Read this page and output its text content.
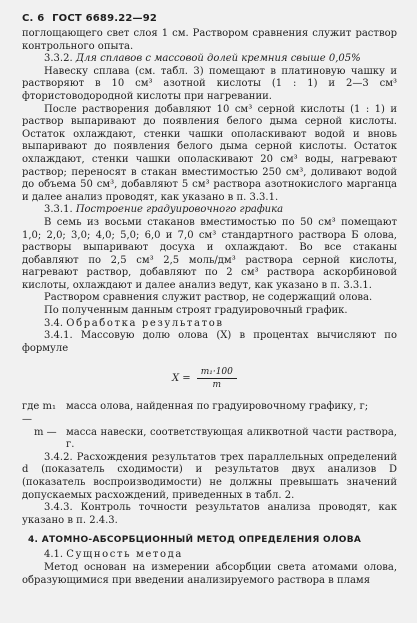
С. 6 ГОСТ 6689.22—92

поглощающего свет слоя 1 см. Раствором сравнения служит раствор контрольного опыта.

3.3.2. Для сплавов с массовой долей кремния свыше 0,05%

Навеску сплава (см. табл. 3) помещают в платиновую чашку и растворяют в 10 см³ азотной кислоты (1 : 1) и 2—3 см³ фтористоводородной кислоты при нагревании.

После растворения добавляют 10 см³ серной кислоты (1 : 1) и раствор выпаривают до появления белого дыма серной кислоты. Остаток охлаждают, стенки чашки ополаскивают водой и вновь выпаривают до появления белого дыма серной кислоты. Остаток охлаждают, стенки чашки ополаскивают 20 см³ воды, нагревают раствор; переносят в стакан вместимостью 250 см³, доливают водой до объема 50 см³, добавляют 5 см³ раствора азотнокислого марганца и далее анализ проводят, как указано в п. 3.3.1.

3.3.1. Построение градуировочного графика

В семь из восьми стаканов вместимостью по 50 см³ помещают 1,0; 2,0; 3,0; 4,0; 5,0; 6,0 и 7,0 см³ стандартного раствора Б олова, растворы выпаривают досуха и охлаждают. Во все стаканы добавляют по 2,5 см³ 2,5 моль/дм³ раствора серной кислоты, нагревают раствор, добавляют по 2 см³ раствора аскорбиновой кислоты, охлаждают и далее анализ ведут, как указано в п. 3.3.1.

Раствором сравнения служит раствор, не содержащий олова.

По полученным данным строят градуировочный график.

3.4. Обработка результатов

3.4.1. Массовую долю олова (X) в процентах вычисляют по формуле

$X = \frac{\text{m₁·100}}{m}$
где m₁ —
масса олова, найденная по градуировочному графику, г;
m — масса навески, соответствующая аликвотной части раствора, г.

3.4.2. Расхождения результатов трех параллельных определений d (показатель сходимости) и результатов двух анализов D (показатель воспроизводимости) не должны превышать значений допускаемых расхождений, приведенных в табл. 2.

3.4.3. Контроль точности результатов анализа проводят, как указано в п. 2.4.3.

4. АТОМНО-АБСОРБЦИОННЫЙ МЕТОД ОПРЕДЕЛЕНИЯ ОЛОВА

4.1. Сущность метода

Метод основан на измерении абсорбции света атомами олова, образующимися при введении анализируемого раствора в пламя
